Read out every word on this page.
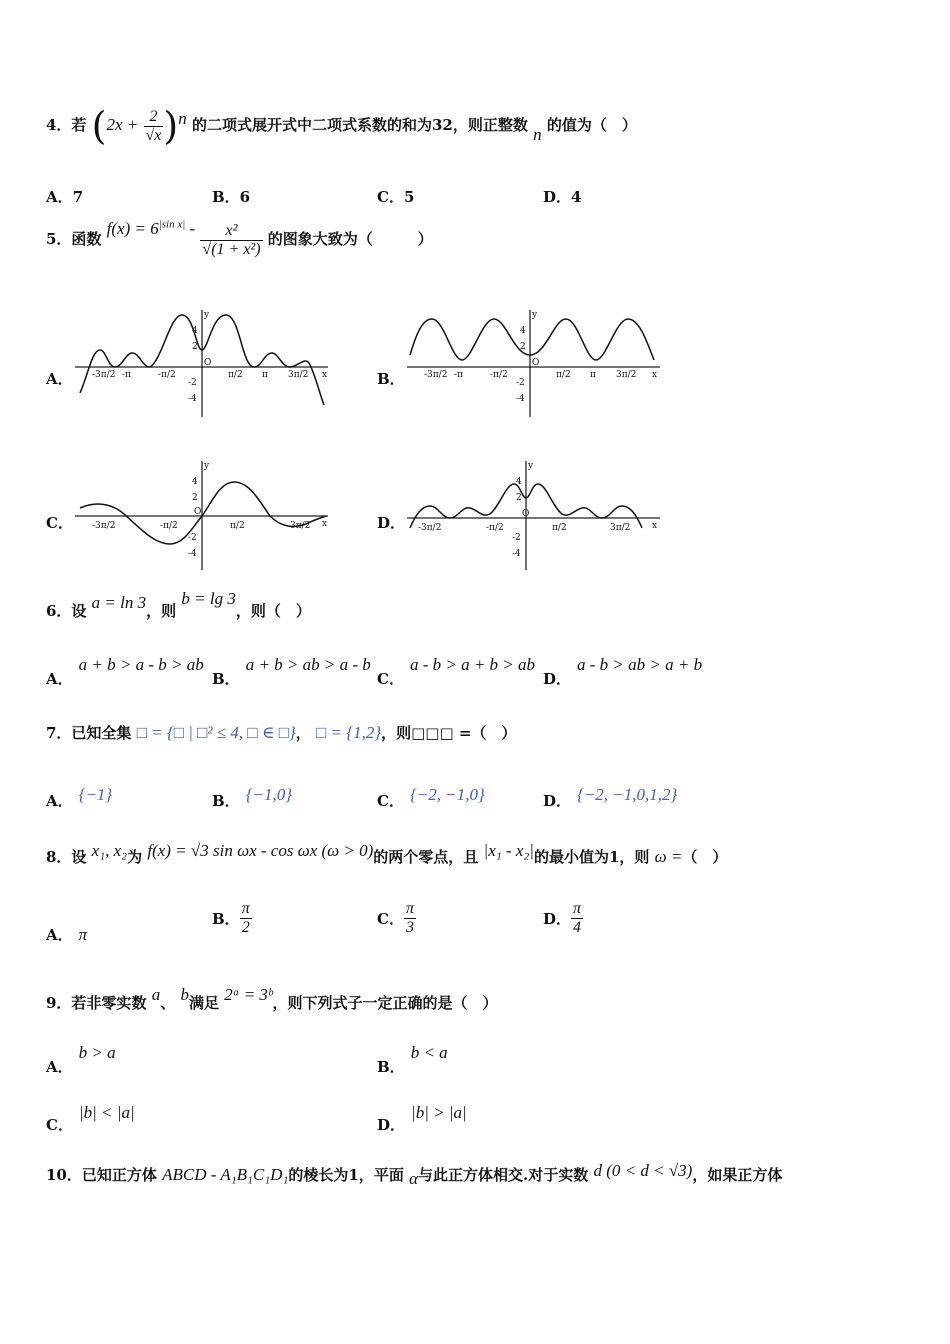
4．若 $(2x + \frac{2}{√x} )^n$ 的二项式展开式中二项式系数的和为32，则正整数 n 的值为（　）
A．7	B．6	C．5	D．4
5．函数 $f(x) = 6^{|sin x|} - \frac{\text{x²}}{\text{√(1 + x²)}}$ 的图象大致为（　　　）
A．	B．
C．	D．
y
x
4
2
O
-2
-4
-3π/2 -π	-π/2	π/2 π 3π/2
y
x
4
2
O
-2
-4
-3π/2 -π	-π/2	π/2 π 3π/2
y
x
4
2
O
-2
-4
-3π/2	-π/2	π/2	3π/2
y
x
4
2
O
-2
-4
-3π/2	-π/2	π/2	3π/2
6．设 a = ln 3，则 b = lg 3，则（　）
A．a + b > a - b > ab
B．a + b > ab > a - b
C．a - b > a + b > ab
D．a - b > ab > a + b
7．已知全集 □ = {□ | □² ≤ 4, □ ∈ □}， □ = {1,2}，则□□□ =（　）
A． {−1}	B． {−1,0}	C． {−2, −1,0}	D． {−2, −1,0,1,2}
8．设 x₁, x₂为 f(x) = √3 sin ωx - cos ωx (ω > 0)的两个零点，且 |x₁ - x₂|的最小值为1，则 ω =（　）
A． π
B． $\frac{\pi}{2}$	C． $\frac{\pi}{3}$	D． $\frac{\pi}{4}$
9．若非零实数 a、 b满足 2ᵃ = 3ᵇ，则下列式子一定正确的是（　）
A．b > a
B．b < a
C．|b| < |a|
D．|b| > |a|
10．已知正方体 ABCD - A₁B₁C₁D₁的棱长为1，平面 α与此正方体相交.对于实数 d (0 < d < √3)，如果正方体
